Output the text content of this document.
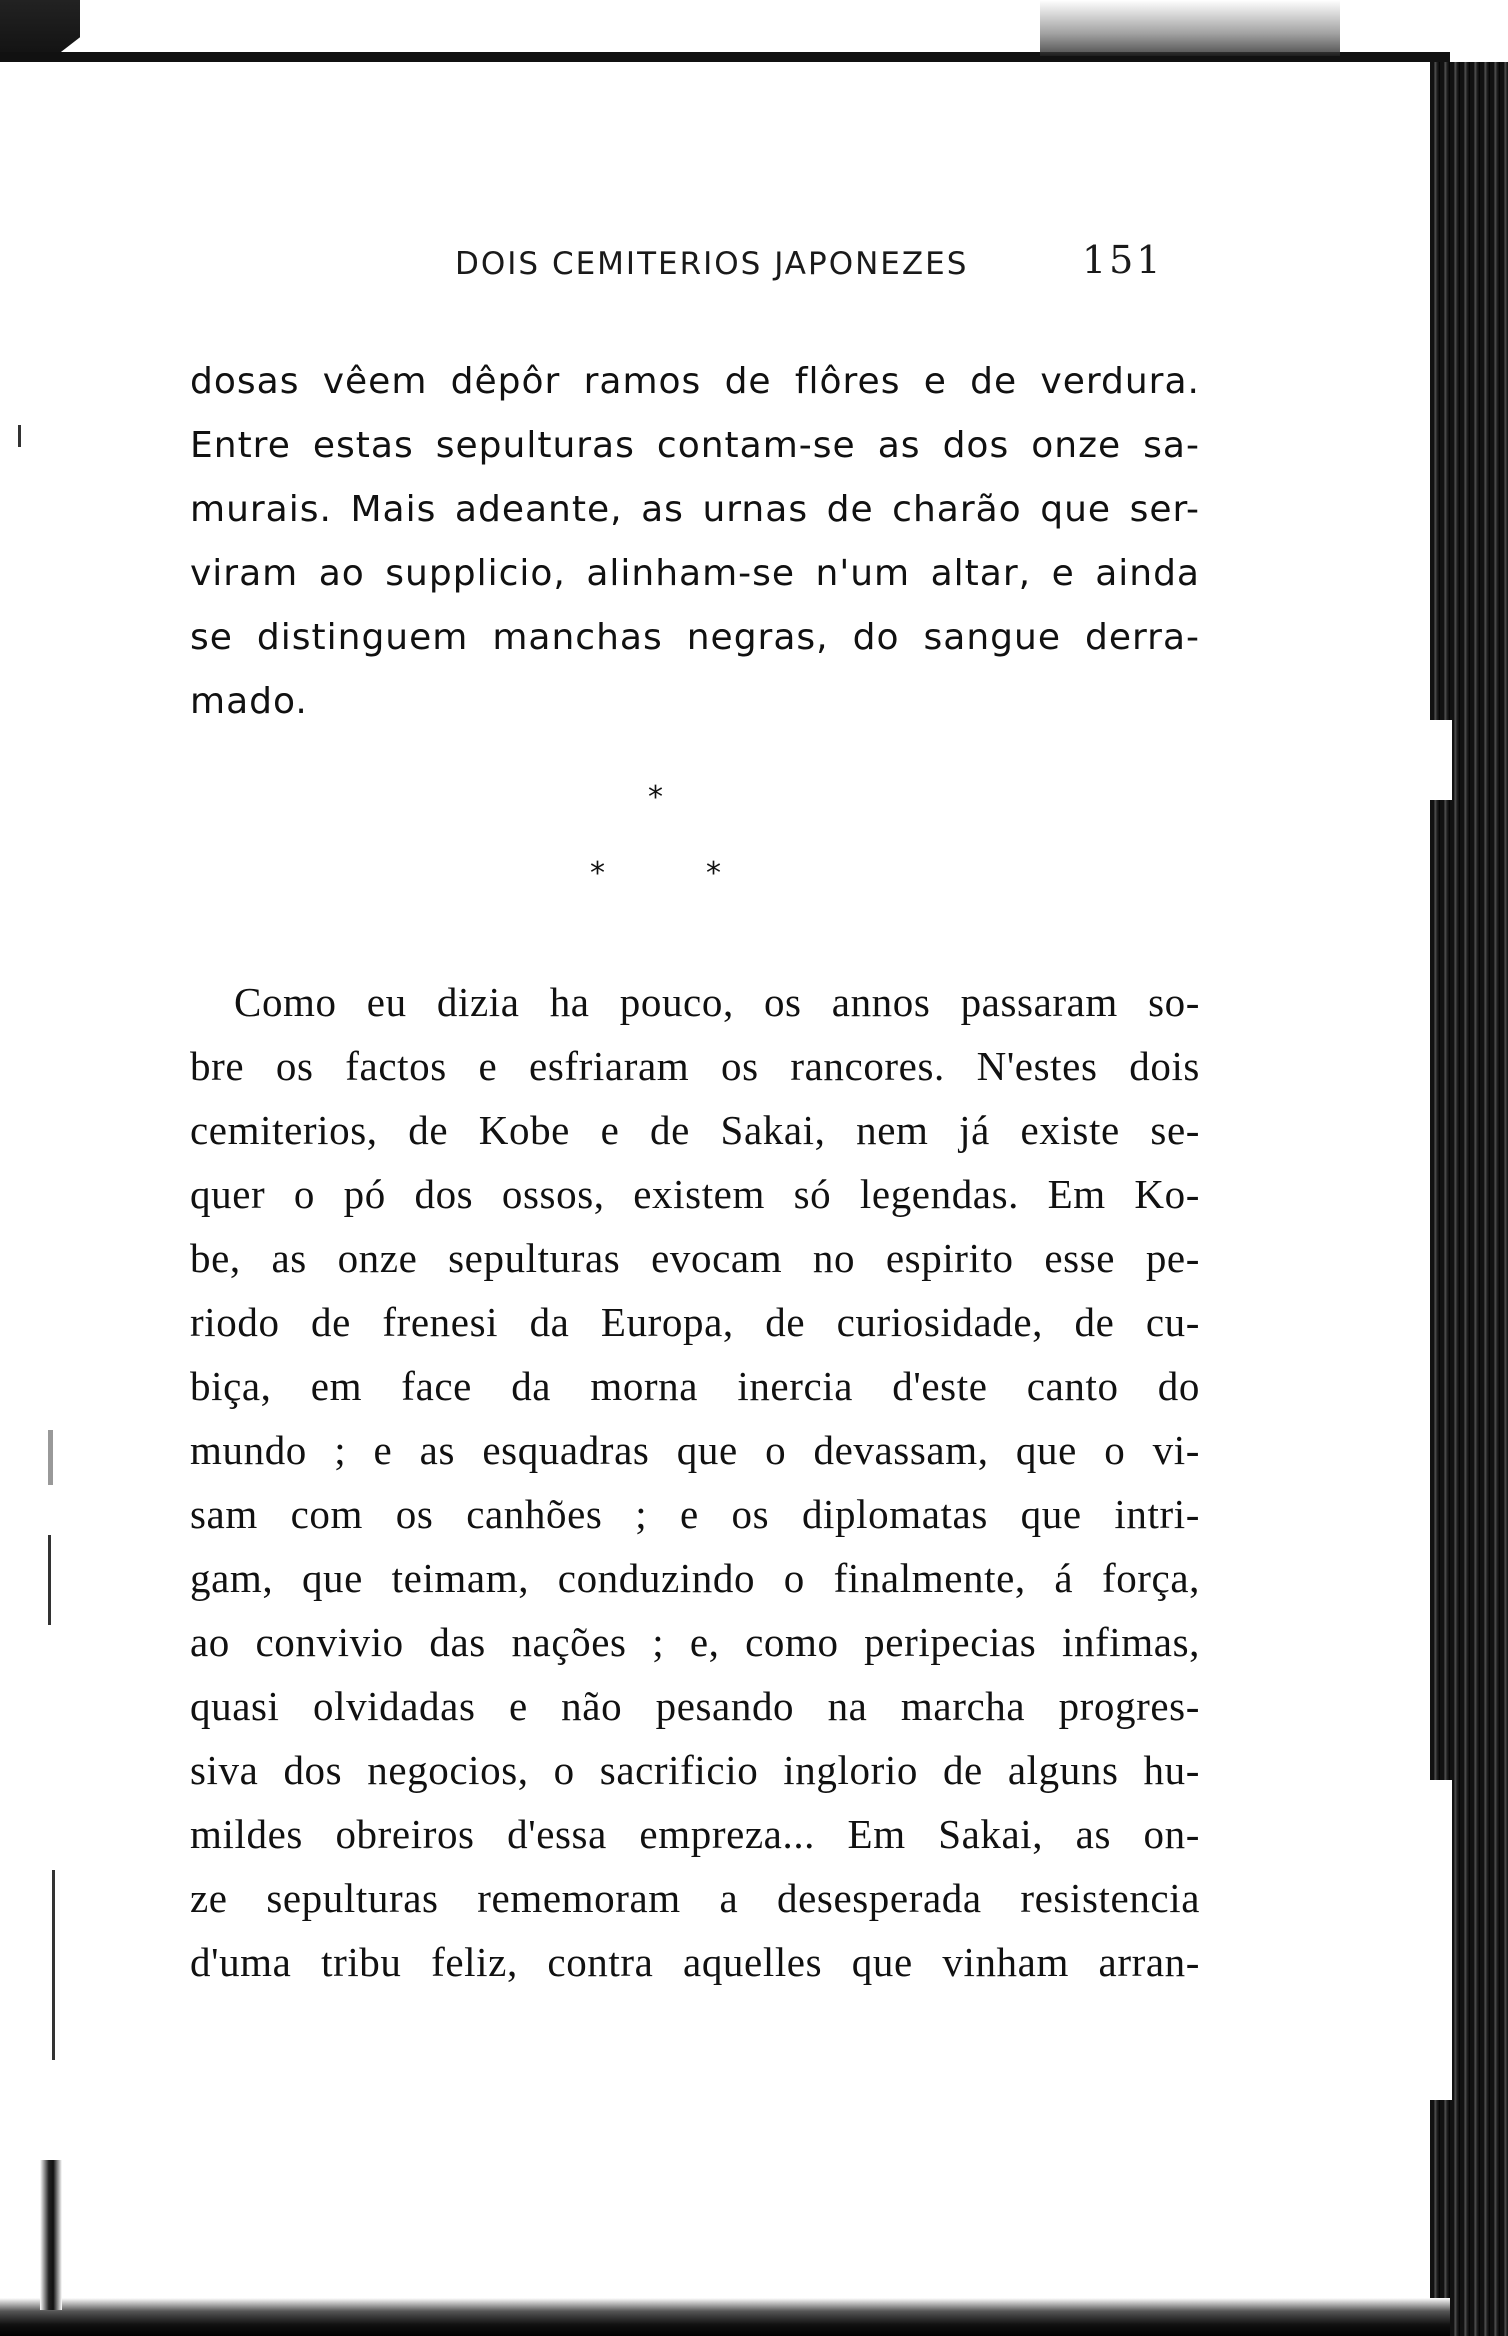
DOIS CEMITERIOS JAPONEZES	151
dosas vêem dêpôr ramos de flôres e de verdura.
Entre estas sepulturas contam-se as dos onze sa-
murais. Mais adeante, as urnas de charão que ser-
viram ao supplicio, alinham-se n'um altar, e ainda
se distinguem manchas negras, do sangue derra-
mado.
*
*	*
Como eu dizia ha pouco, os annos passaram so-
bre os factos e esfriaram os rancores. N'estes dois
cemiterios, de Kobe e de Sakai, nem já existe se-
quer o pó dos ossos, existem só legendas. Em Ko-
be, as onze sepulturas evocam no espirito esse pe-
riodo de frenesi da Europa, de curiosidade, de cu-
biça, em face da morna inercia d'este canto do
mundo ; e as esquadras que o devassam, que o vi-
sam com os canhões ; e os diplomatas que intri-
gam, que teimam, conduzindo o finalmente, á força,
ao convivio das nações ; e, como peripecias infimas,
quasi olvidadas e não pesando na marcha progres-
siva dos negocios, o sacrificio inglorio de alguns hu-
mildes obreiros d'essa empreza... Em Sakai, as on-
ze sepulturas rememoram a desesperada resistencia
d'uma tribu feliz, contra aquelles que vinham arran-
